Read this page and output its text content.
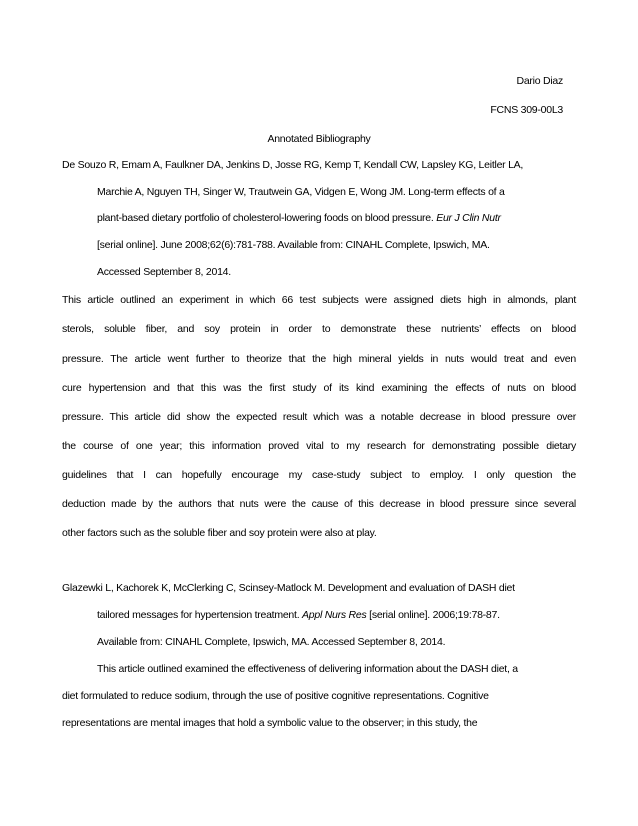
Dario Diaz
FCNS 309-00L3
Annotated Bibliography
De Souzo R, Emam A, Faulkner DA, Jenkins D, Josse RG, Kemp T, Kendall CW, Lapsley KG, Leitler LA,
Marchie A, Nguyen TH, Singer W, Trautwein GA, Vidgen E, Wong JM. Long-term effects of a
plant-based dietary portfolio of cholesterol-lowering foods on blood pressure. Eur J Clin Nutr
[serial online]. June 2008;62(6):781-788. Available from: CINAHL Complete, Ipswich, MA.
Accessed September 8, 2014.
This article outlined an experiment in which 66 test subjects were assigned diets high in almonds, plant
sterols, soluble fiber, and soy protein in order to demonstrate these nutrients’ effects on blood
pressure. The article went further to theorize that the high mineral yields in nuts would treat and even
cure hypertension and that this was the first study of its kind examining the effects of nuts on blood
pressure. This article did show the expected result which was a notable decrease in blood pressure over
the course of one year; this information proved vital to my research for demonstrating possible dietary
guidelines that I can hopefully encourage my case-study subject to employ. I only question the
deduction made by the authors that nuts were the cause of this decrease in blood pressure since several
other factors such as the soluble fiber and soy protein were also at play.
Glazewki L, Kachorek K, McClerking C, Scinsey-Matlock M. Development and evaluation of DASH diet
tailored messages for hypertension treatment. Appl Nurs Res [serial online]. 2006;19:78-87.
Available from: CINAHL Complete, Ipswich, MA. Accessed September 8, 2014.
This article outlined examined the effectiveness of delivering information about the DASH diet, a
diet formulated to reduce sodium, through the use of positive cognitive representations. Cognitive
representations are mental images that hold a symbolic value to the observer; in this study, the
